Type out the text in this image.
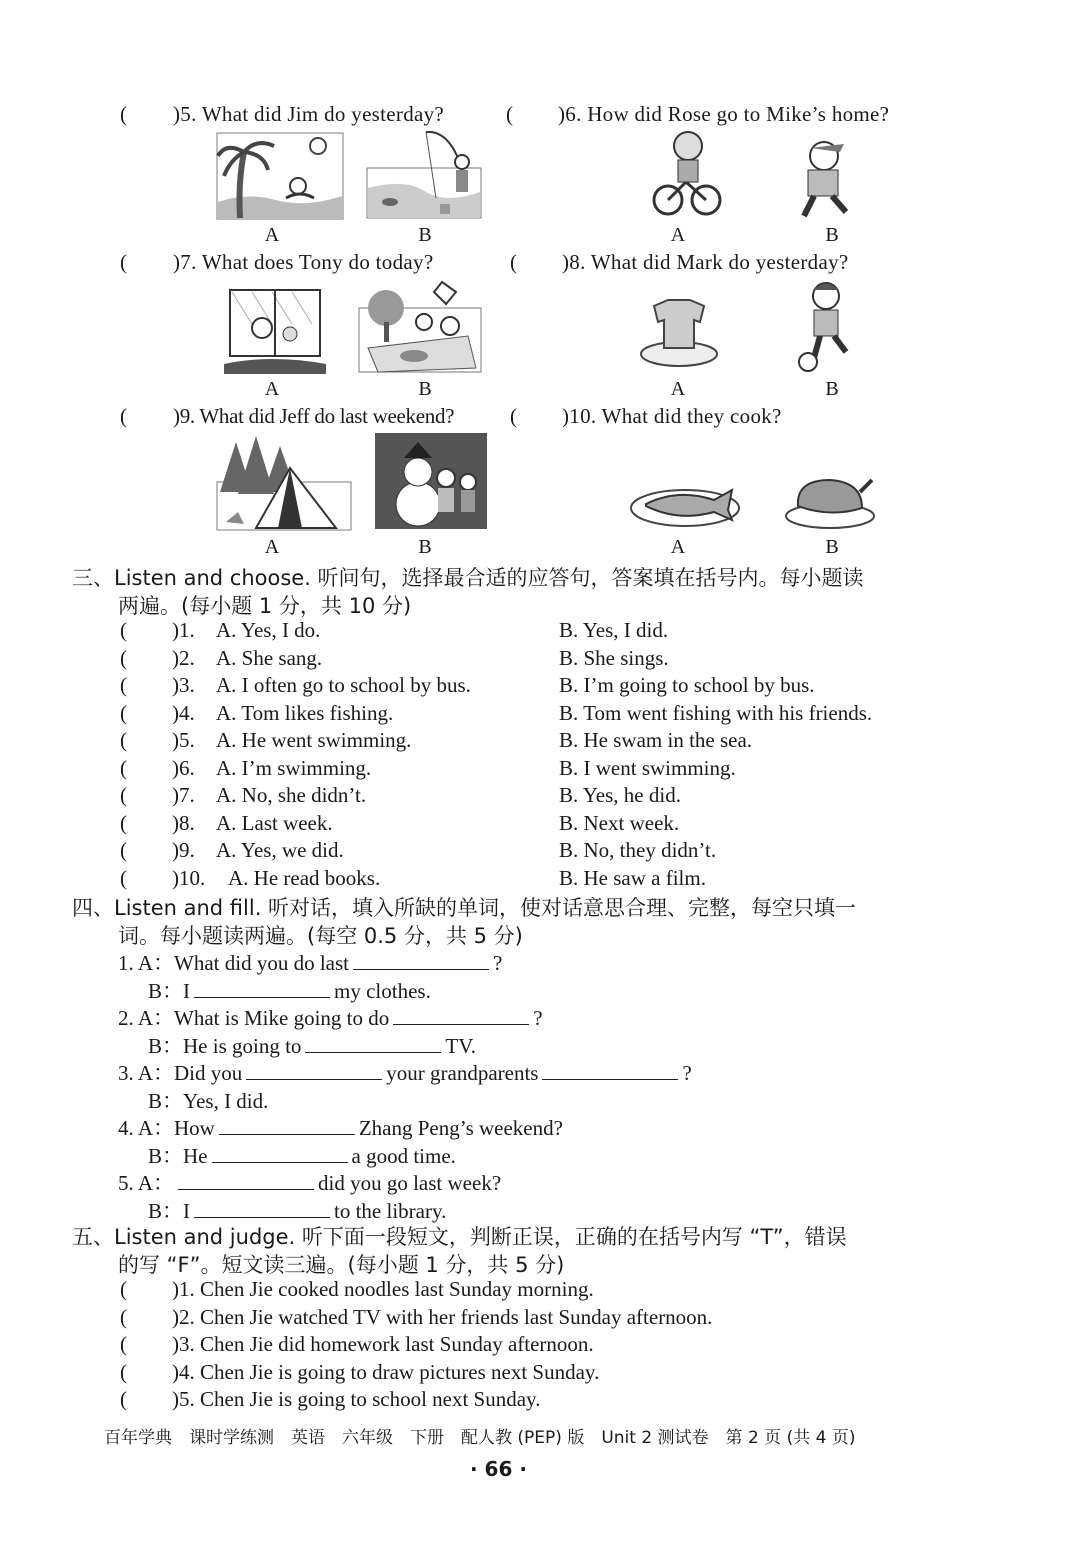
( )5. What did Jim do yesterday?	( )6. How did Rose go to Mike’s home?
A	B	A	B
( )7. What does Tony do today?	( )8. What did Mark do yesterday?
A	B	A	B
( )9. What did Jeff do last weekend?	( )10. What did they cook?
A	B	A	B
三、Listen and choose. 听问句，选择最合适的应答句，答案填在括号内。每小题读
两遍。(每小题 1 分，共 10 分)
( )1. A. Yes, I do.	B. Yes, I did.
( )2. A. She sang.	B. She sings.
( )3. A. I often go to school by bus.	B. I’m going to school by bus.
( )4. A. Tom likes fishing.	B. Tom went fishing with his friends.
( )5. A. He went swimming.	B. He swam in the sea.
( )6. A. I’m swimming.	B. I went swimming.
( )7. A. No, she didn’t.	B. Yes, he did.
( )8. A. Last week.	B. Next week.
( )9. A. Yes, we did.	B. No, they didn’t.
( )10. A. He read books.	B. He saw a film.
四、Listen and fill. 听对话，填入所缺的单词，使对话意思合理、完整，每空只填一
词。每小题读两遍。(每空 0.5 分，共 5 分)
1. A：What did you do last	?
B：I	my clothes.
2. A：What is Mike going to do	?
B：He is going to	TV.
3. A：Did you	your grandparents	?
B：Yes, I did.
4. A：How	Zhang Peng’s weekend?
B：He	a good time.
5. A：	did you go last week?
B：I	to the library.
五、Listen and judge. 听下面一段短文，判断正误，正确的在括号内写 “T”，错误
的写 “F”。短文读三遍。(每小题 1 分，共 5 分)
( )1. Chen Jie cooked noodles last Sunday morning.
( )2. Chen Jie watched TV with her friends last Sunday afternoon.
( )3. Chen Jie did homework last Sunday afternoon.
( )4. Chen Jie is going to draw pictures next Sunday.
( )5. Chen Jie is going to school next Sunday.
百年学典　课时学练测　英语　六年级　下册　配人教 (PEP) 版　Unit 2 测试卷　第 2 页 (共 4 页)
· 66 ·
